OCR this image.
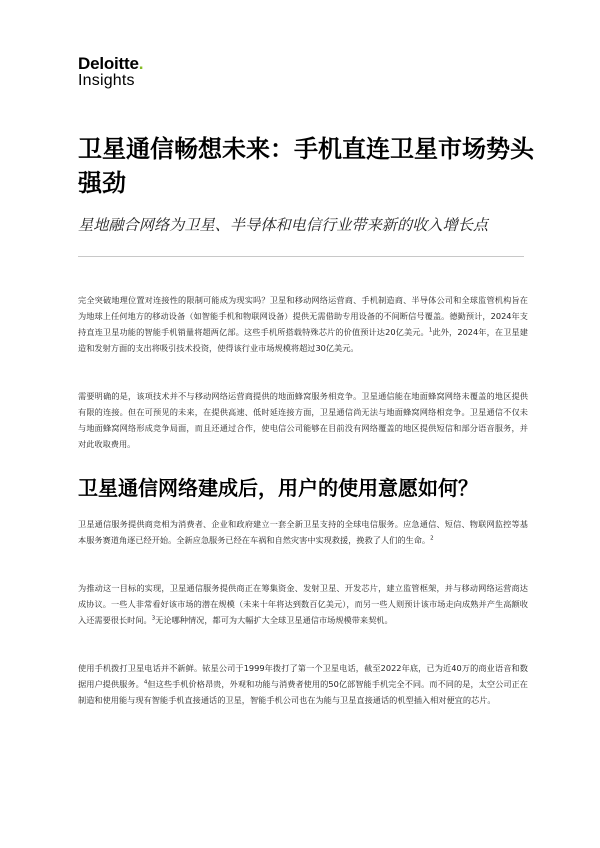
Deloitte.
Insights
卫星通信畅想未来：手机直连卫星市场势头强劲

星地融合网络为卫星、半导体和电信行业带来新的收入增长点

完全突破地理位置对连接性的限制可能成为现实吗？卫星和移动网络运营商、手机制造商、半导体公司和全球监管机构旨在为地球上任何地方的移动设备（如智能手机和物联网设备）提供无需借助专用设备的不间断信号覆盖。德勤预计，2024年支持直连卫星功能的智能手机销量将超两亿部。这些手机所搭载特殊芯片的价值预计达20亿美元。$^1$此外，2024年，在卫星建造和发射方面的支出将吸引技术投资，使得该行业市场规模将超过30亿美元。

需要明确的是，该项技术并不与移动网络运营商提供的地面蜂窝服务相竞争。卫星通信能在地面蜂窝网络未覆盖的地区提供有限的连接。但在可预见的未来，在提供高速、低时延连接方面，卫星通信尚无法与地面蜂窝网络相竞争。卫星通信不仅未与地面蜂窝网络形成竞争局面，而且还通过合作，使电信公司能够在目前没有网络覆盖的地区提供短信和部分语音服务，并对此收取费用。

卫星通信网络建成后，用户的使用意愿如何？

卫星通信服务提供商竞相为消费者、企业和政府建立一套全新卫星支持的全球电信服务。应急通信、短信、物联网监控等基本服务赛道角逐已经开始。全新应急服务已经在车祸和自然灾害中实现救援，挽救了人们的生命。$^2$

为推动这一目标的实现，卫星通信服务提供商正在筹集资金、发射卫星、开发芯片，建立监管框架，并与移动网络运营商达成协议。一些人非常看好该市场的潜在规模（未来十年将达到数百亿美元），而另一些人则预计该市场走向成熟并产生高额收入还需要很长时间。$^3$无论哪种情况，都可为大幅扩大全球卫星通信市场规模带来契机。

使用手机拨打卫星电话并不新鲜。铱星公司于1999年拨打了第一个卫星电话，截至2022年底，已为近40万的商业语音和数据用户提供服务。$^4$但这些手机价格昂贵，外观和功能与消费者使用的50亿部智能手机完全不同。而不同的是，太空公司正在制造和使用能与现有智能手机直接通话的卫星，智能手机公司也在为能与卫星直接通话的机型插入相对便宜的芯片。
